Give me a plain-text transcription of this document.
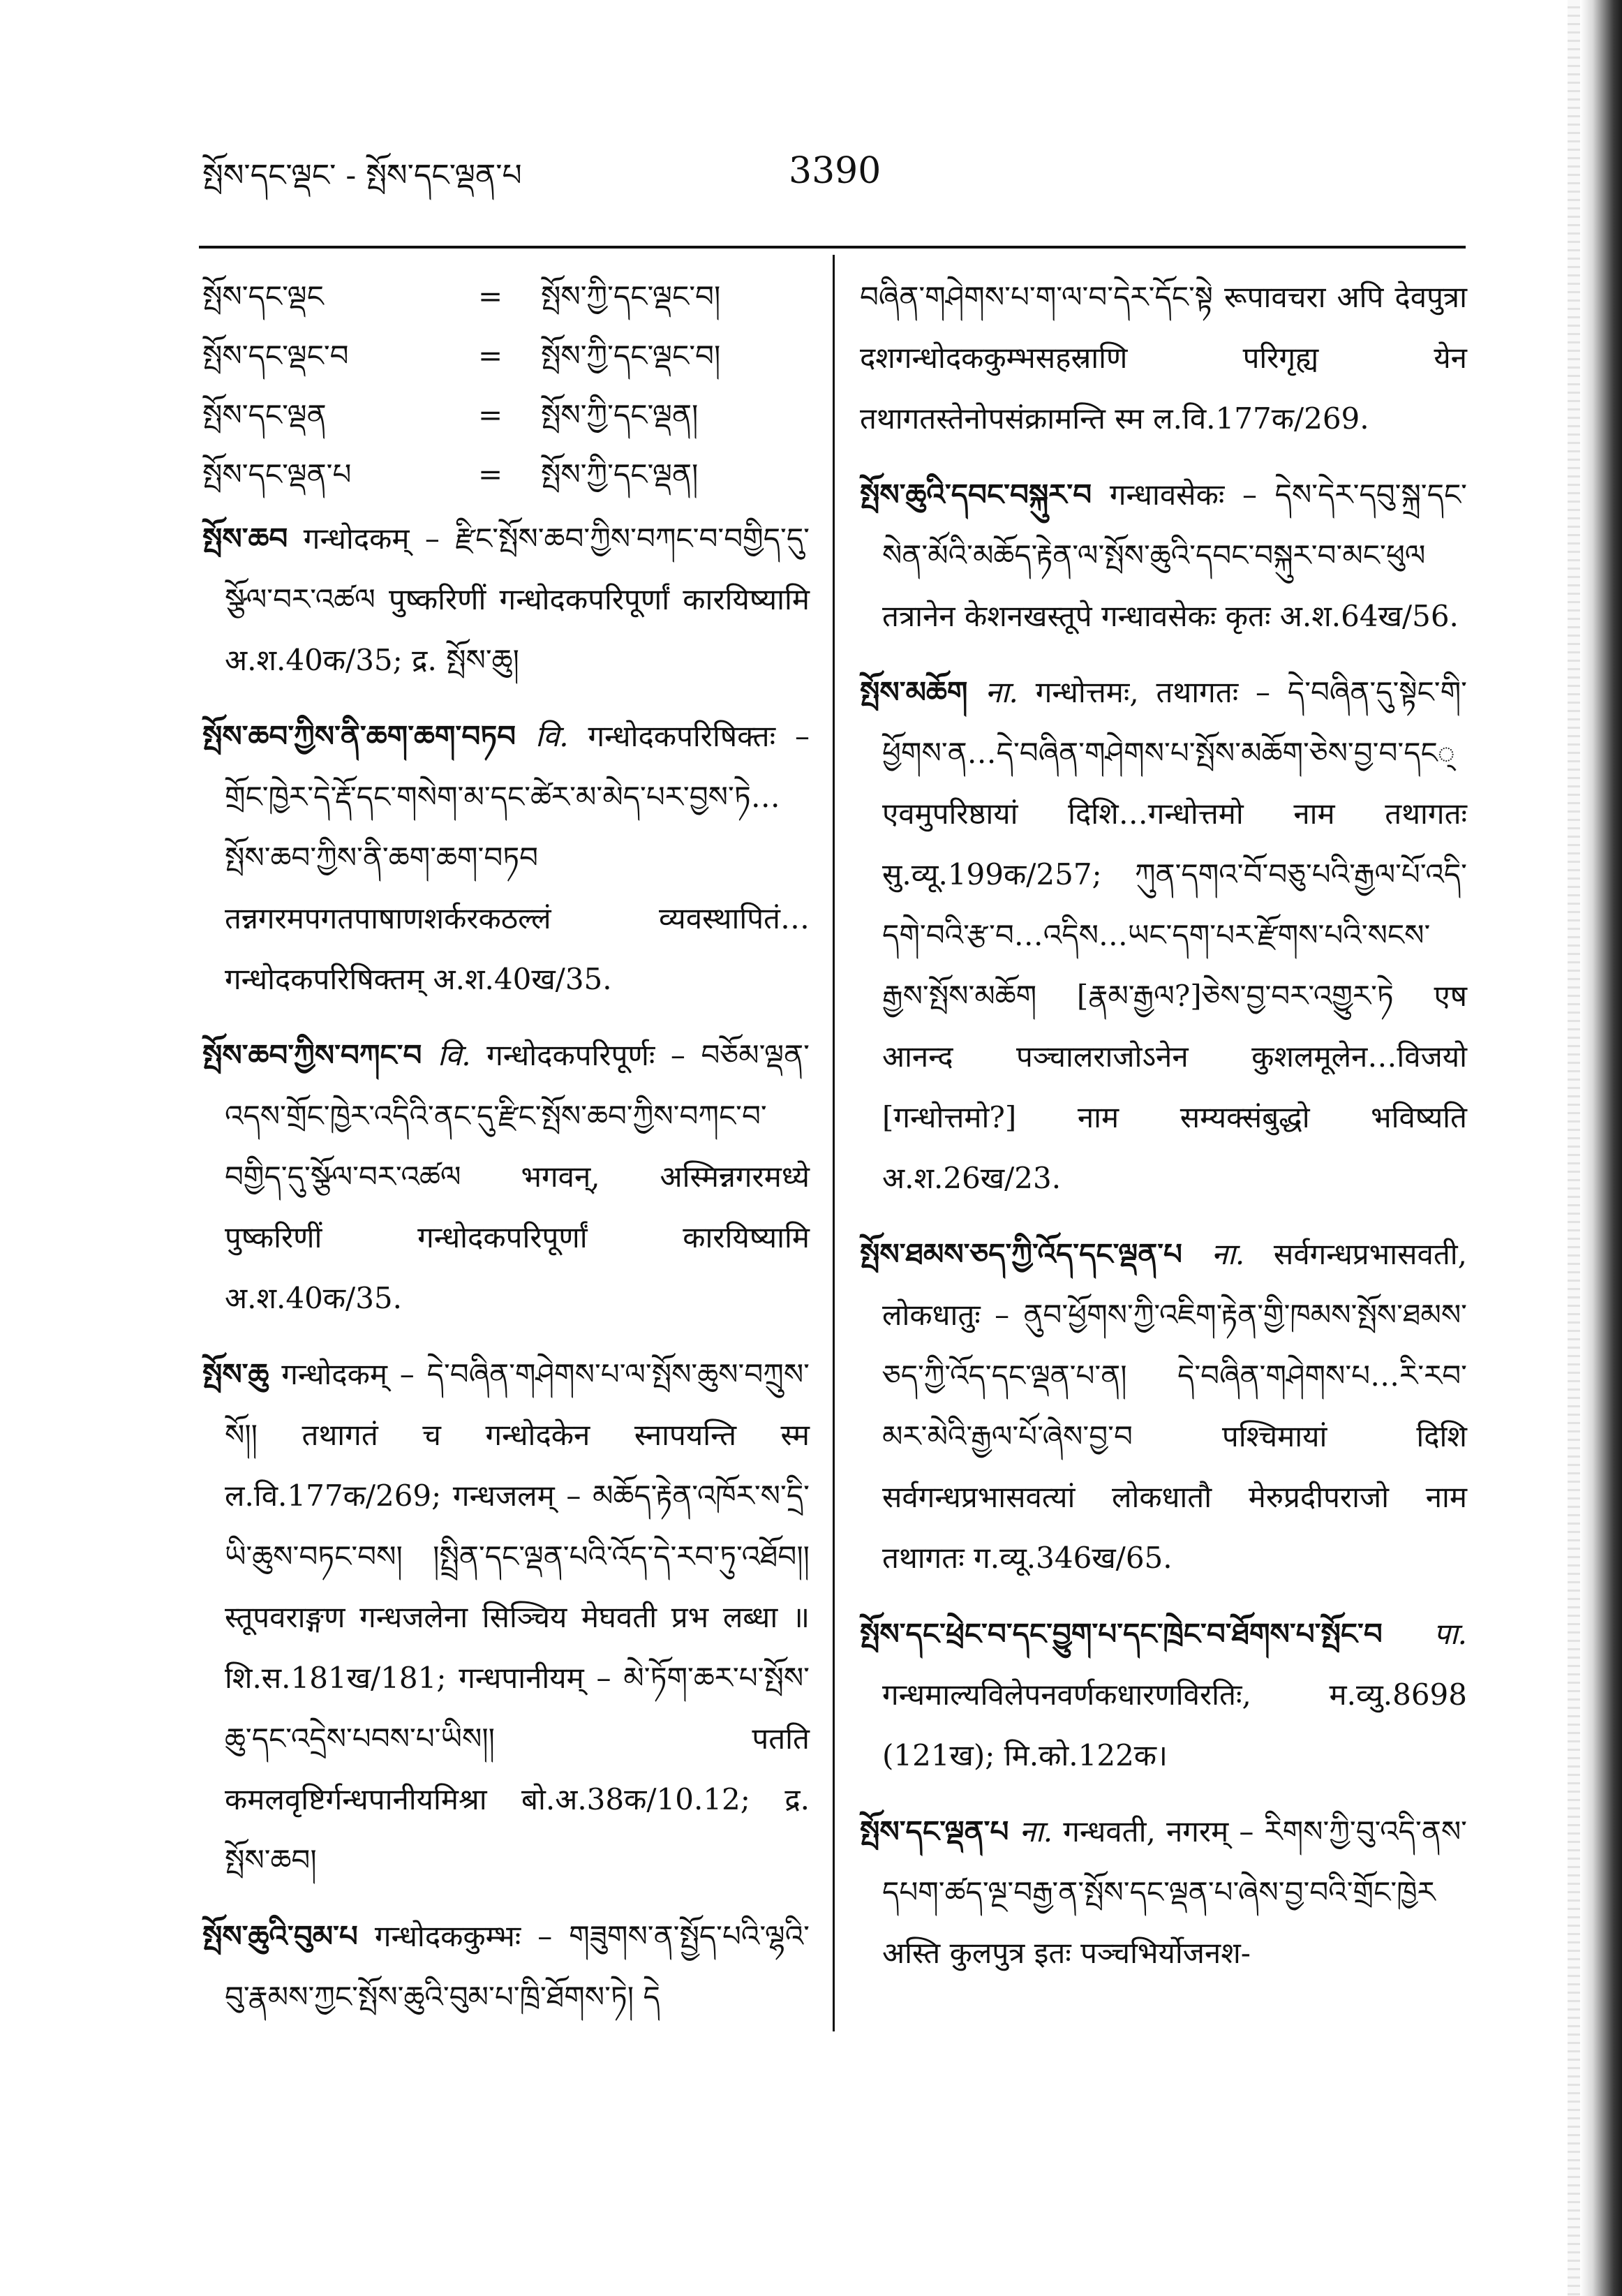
སྤོས་དང་ལྡང་ - སྤོས་དང་ལྡན་པ	3390
སྤོས་དང་ལྡང	=	སྤོས་ཀྱི་དང་ལྡང་བ།
སྤོས་དང་ལྡང་བ	=	སྤོས་ཀྱི་དང་ལྡང་བ།
སྤོས་དང་ལྡན	=	སྤོས་ཀྱི་དང་ལྡན།
སྤོས་དང་ལྡན་པ	=	སྤོས་ཀྱི་དང་ལྡན།

སྤོས་ཆབ गन्धोदकम् – རྫིང་སྤོས་ཆབ་ཀྱིས་བཀང་བ་བགྱིད་དུ་སྩོལ་བར་འཚལ पुष्करिणीं गन्धोदकपरिपूर्णां कारयिष्यामि अ.श.40क/35; द्र. སྤོས་ཆུ།

སྤོས་ཆབ་ཀྱིས་ནི་ཆག་ཆག་བཏབ वि. गन्धोदकपरिषिक्तः – གྲོང་ཁྱེར་དེ་རྡོ་དང་གསེག་མ་དང་ཚེར་མ་མེད་པར་བྱས་ཏེ…སྤོས་ཆབ་ཀྱིས་ནི་ཆག་ཆག་བཏབ तन्नगरमपगतपाषाणशर्करकठल्लं व्यवस्थापितं…गन्धोदकपरिषिक्तम् अ.श.40ख/35.

སྤོས་ཆབ་ཀྱིས་བཀང་བ वि. गन्धोदकपरिपूर्णः – བཅོམ་ལྡན་འདས་གྲོང་ཁྱེར་འདིའི་ནང་དུ་རྫིང་སྤོས་ཆབ་ཀྱིས་བཀང་བ་བགྱིད་དུ་སྩོལ་བར་འཚལ भगवन्, अस्मिन्नगरमध्ये पुष्करिणीं गन्धोदकपरिपूर्णां कारयिष्यामि अ.श.40क/35.

སྤོས་ཆུ गन्धोदकम् – དེ་བཞིན་གཤེགས་པ་ལ་སྤོས་ཆུས་བཀྲུས་སོ།། तथागतं च गन्धोदकेन स्नापयन्ति स्म ल.वि.177क/269; गन्धजलम् – མཆོད་རྟེན་འཁོར་ས་དྲི་ཡི་ཆུས་བཏང་བས། །སྤྲིན་དང་ལྡན་པའི་འོད་དེ་རབ་ཏུ་འཐོབ།། स्तूपवराङ्गण गन्धजलेना सिञ्चिय मेघवती प्रभ लब्धा ॥ शि.स.181ख/181; गन्धपानीयम् – མེ་ཏོག་ཆར་པ་སྤོས་ཆུ་དང་འདྲེས་པབས་པ་ཡིས།། पतति कमलवृष्टिर्गन्धपानीयमिश्रा बो.अ.38क/10.12; द्र. སྤོས་ཆབ།

སྤོས་ཆུའི་བུམ་པ गन्धोदककुम्भः – གཟུགས་ན་སྤྱོད་པའི་ལྷའི་བུ་རྣམས་ཀྱང་སྤོས་ཆུའི་བུམ་པ་ཁྲི་ཐོགས་ཏེ། དེ

བཞིན་གཤེགས་པ་ག་ལ་བ་དེར་དོང་སྟེ रूपावचरा अपि देवपुत्रा दशगन्धोदककुम्भसहस्राणि परिगृह्य येन तथागतस्तेनोपसंक्रामन्ति स्म ल.वि.177क/269.

སྤོས་ཆུའི་དབང་བསྐུར་བ गन्धावसेकः – དེས་དེར་དབུ་སྐྲ་དང་སེན་མོའི་མཆོད་རྟེན་ལ་སྤོས་ཆུའི་དབང་བསྐུར་བ་མང་ཕུལ तत्रानेन केशनखस्तूपे गन्धावसेकः कृतः अ.श.64ख/56.

སྤོས་མཆོག ना. गन्धोत्तमः, तथागतः – དེ་བཞིན་དུ་སྟེང་གི་ཕྱོགས་ན…དེ་བཞིན་གཤེགས་པ་སྤོས་མཆོག་ཅེས་བྱ་བ་དང् एवमुपरिष्ठायां दिशि…गन्धोत्तमो नाम तथागतः सु.व्यू.199क/257; ཀུན་དགའ་བོ་བཅུ་པའི་རྒྱལ་པོ་འདི་དགེ་བའི་རྩ་བ…འདིས…ཡང་དག་པར་རྫོགས་པའི་སངས་རྒྱས་སྤོས་མཆོག [རྣམ་རྒྱལ?]ཅེས་བྱ་བར་འགྱུར་ཏེ एष आनन्द पञ्चालराजोऽनेन कुशलमूलेन…विजयो [गन्धोत्तमो?] नाम सम्यक्संबुद्धो भविष्यति अ.श.26ख/23.

སྤོས་ཐམས་ཅད་ཀྱི་འོད་དང་ལྡན་པ ना. सर्वगन्धप्रभासवती, लोकधातुः – ནུབ་ཕྱོགས་ཀྱི་འཇིག་རྟེན་གྱི་ཁམས་སྤོས་ཐམས་ཅད་ཀྱི་འོད་དང་ལྡན་པ་ན། དེ་བཞིན་གཤེགས་པ…རི་རབ་མར་མེའི་རྒྱལ་པོ་ཞེས་བྱ་བ पश्चिमायां दिशि सर्वगन्धप्रभासवत्यां लोकधातौ मेरुप्रदीपराजो नाम तथागतः ग.व्यू.346ख/65.

སྤོས་དང་ཕྲེང་བ་དང་བྱུག་པ་དང་ཁྲེང་བ་ཐོགས་པ་སྤོང་བ पा. गन्धमाल्यविलेपनवर्णकधारणविरतिः, म.व्यु.8698 (121ख); मि.को.122क।

སྤོས་དང་ལྡན་པ ना. गन्धवती, नगरम् – རིགས་ཀྱི་བུ་འདི་ནས་དཔག་ཚད་ལྔ་བརྒྱ་ན་སྤོས་དང་ལྡན་པ་ཞེས་བྱ་བའི་གྲོང་ཁྱེར अस्ति कुलपुत्र इतः पञ्चभिर्योजनश-
